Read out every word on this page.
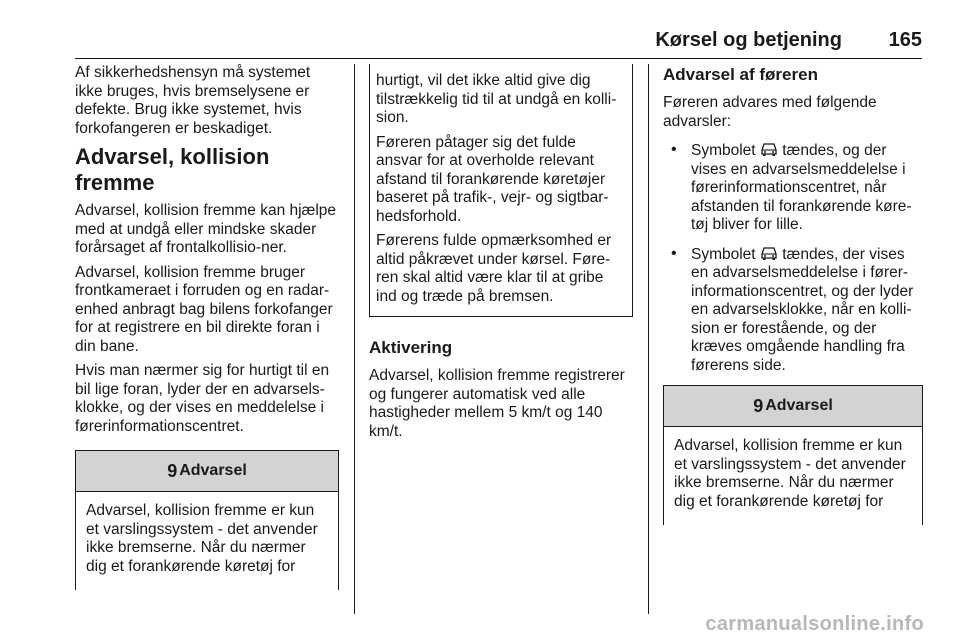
Kørsel og betjening 165

Af sikkerhedshensyn må systemet ikke bruges, hvis bremselysene er defekte. Brug ikke systemet, hvis forkofangeren er beskadiget.

Advarsel, kollision fremme

Advarsel, kollision fremme kan hjælpe med at undgå eller mindske skader forårsaget af frontalkollisio-ner.

Advarsel, kollision fremme bruger frontkameraet i forruden og en radar-enhed anbragt bag bilens forkofanger for at registrere en bil direkte foran i din bane.

Hvis man nærmer sig for hurtigt til en bil lige foran, lyder der en advarsels-klokke, og der vises en meddelelse i førerinformationscentret.

9 Advarsel

Advarsel, kollision fremme er kun et varslingssystem - det anvender ikke bremserne. Når du nærmer dig et forankørende køretøj for

hurtigt, vil det ikke altid give dig tilstrækkelig tid til at undgå en kolli-sion.

Føreren påtager sig det fulde ansvar for at overholde relevant afstand til forankørende køretøjer baseret på trafik-, vejr- og sigtbar-hedsforhold.

Førerens fulde opmærksomhed er altid påkrævet under kørsel. Føre-ren skal altid være klar til at gribe ind og træde på bremsen.

Aktivering

Advarsel, kollision fremme registrerer og fungerer automatisk ved alle hastigheder mellem 5 km/t og 140 km/t.

Advarsel af føreren

Føreren advares med følgende advarsler:

• Symbolet tændes, og der vises en advarselsmeddelelse i førerinformationscentret, når afstanden til forankørende køre-tøj bliver for lille.
• Symbolet tændes, der vises en advarselsmeddelelse i fører-informationscentret, og der lyder en advarselsklokke, når en kolli-sion er forestående, og der kræves omgående handling fra førerens side.
9 Advarsel

Advarsel, kollision fremme er kun et varslingssystem - det anvender ikke bremserne. Når du nærmer dig et forankørende køretøj for

carmanualsonline.info
